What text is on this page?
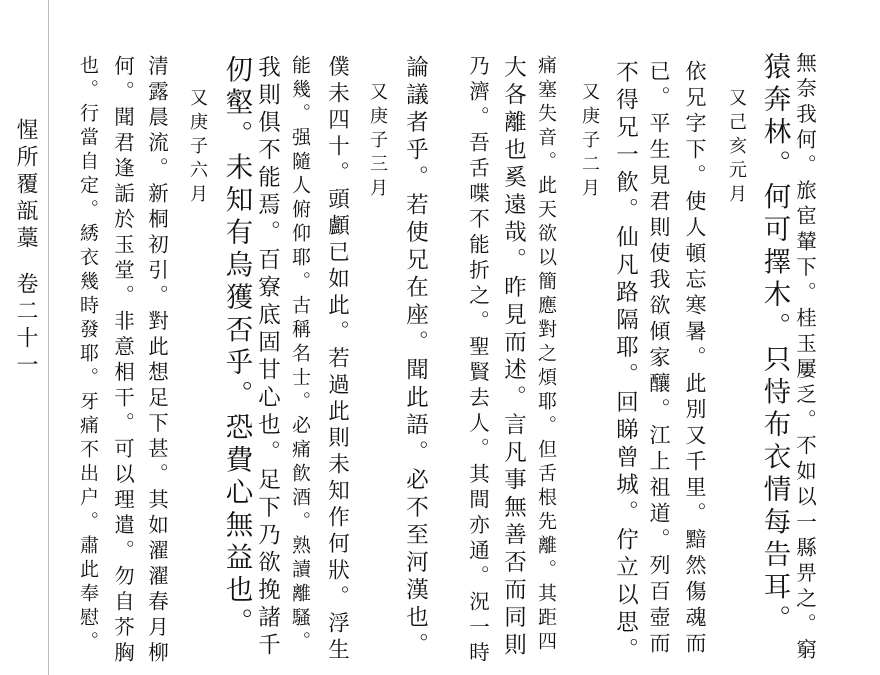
無奈我何。旅宦輦下。桂玉屢乏。不如以一縣畀之。窮
猿奔林。何可擇木。只恃布衣情每告耳。
又己亥元月
依兄字下。使人頓忘寒暑。此別又千里。黯然傷魂而
已。平生見君則使我欲傾家釀。江上祖道。列百壺而
不得兄一飮。仙凡路隔耶。回睇曾城。佇立以思。
又庚子二月
痛塞失音。此天欲以簡應對之煩耶。但舌根先離。其距四
大各離也奚遠哉。昨見而述。言凡事無善否而同則
乃濟。吾舌喋不能折之。聖賢去人。其間亦通。況一時
論議者乎。若使兄在座。聞此語。必不至河漢也。
又庚子三月
僕未四十。頭顱已如此。若過此則未知作何狀。浮生
能幾。强隨人俯仰耶。古稱名士。必痛飮酒。熟讀離騷。
我則俱不能焉。百寮底固甘心也。足下乃欲挽諸千
仞壑。未知有烏獲否乎。恐費心無益也。
又庚子六月
清露晨流。新桐初引。對此想足下甚。其如濯濯春月柳
何。聞君逢詬於玉堂。非意相干。可以理遣。勿自芥胸
也。行當自定。綉衣幾時發耶。牙痛不出户。肅此奉慰。
惺所覆瓿藁
卷二十一
